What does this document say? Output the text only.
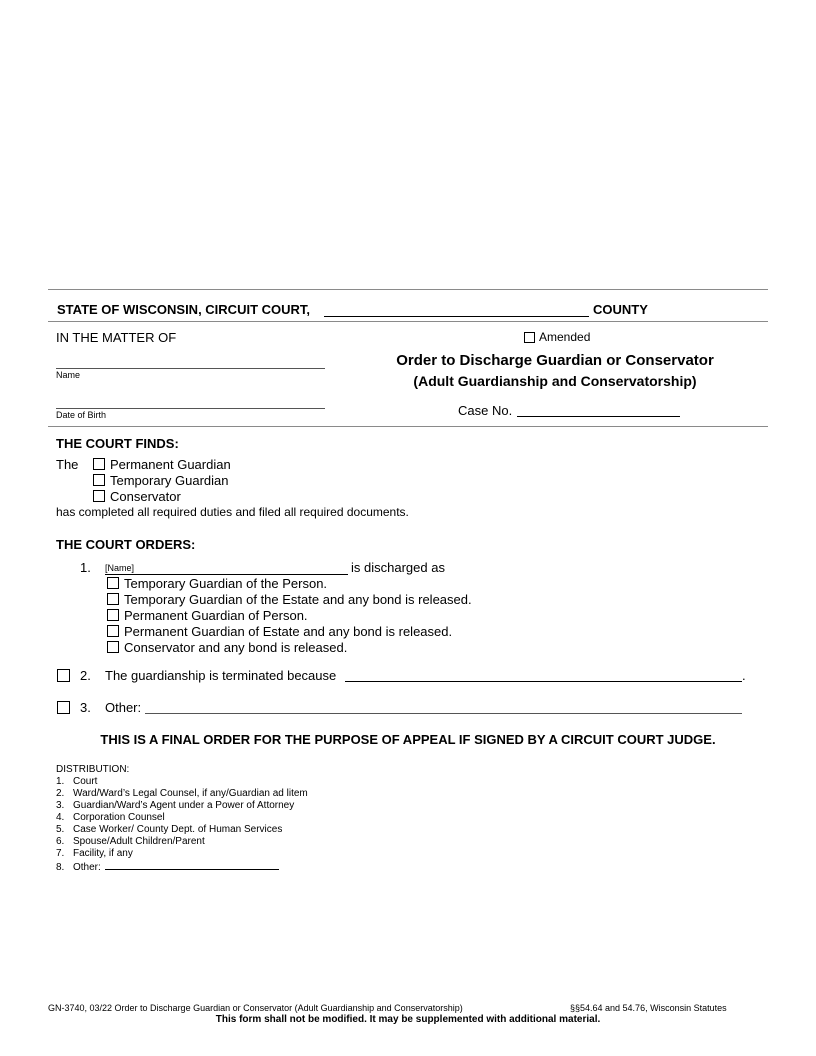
STATE OF WISCONSIN, CIRCUIT COURT,	COUNTY
IN THE MATTER OF	Amended
Name
Order to Discharge Guardian or Conservator
(Adult Guardianship and Conservatorship)
Date of Birth	Case No.
THE COURT FINDS:
The Permanent Guardian
Temporary Guardian
Conservator
has completed all required duties and filed all required documents.
THE COURT ORDERS:
1. [Name]	is discharged as
Temporary Guardian of the Person.
Temporary Guardian of the Estate and any bond is released.
Permanent Guardian of Person.
Permanent Guardian of Estate and any bond is released.
Conservator and any bond is released.
2. The guardianship is terminated because	.
3. Other:
THIS IS A FINAL ORDER FOR THE PURPOSE OF APPEAL IF SIGNED BY A CIRCUIT COURT JUDGE.
DISTRIBUTION:
1. Court
2. Ward/Ward’s Legal Counsel, if any/Guardian ad litem
3. Guardian/Ward’s Agent under a Power of Attorney
4. Corporation Counsel
5. Case Worker/ County Dept. of Human Services
6. Spouse/Adult Children/Parent
7. Facility, if any
8. Other:
GN-3740, 03/22 Order to Discharge Guardian or Conservator (Adult Guardianship and Conservatorship)	§§54.64 and 54.76, Wisconsin Statutes
This form shall not be modified. It may be supplemented with additional material.
